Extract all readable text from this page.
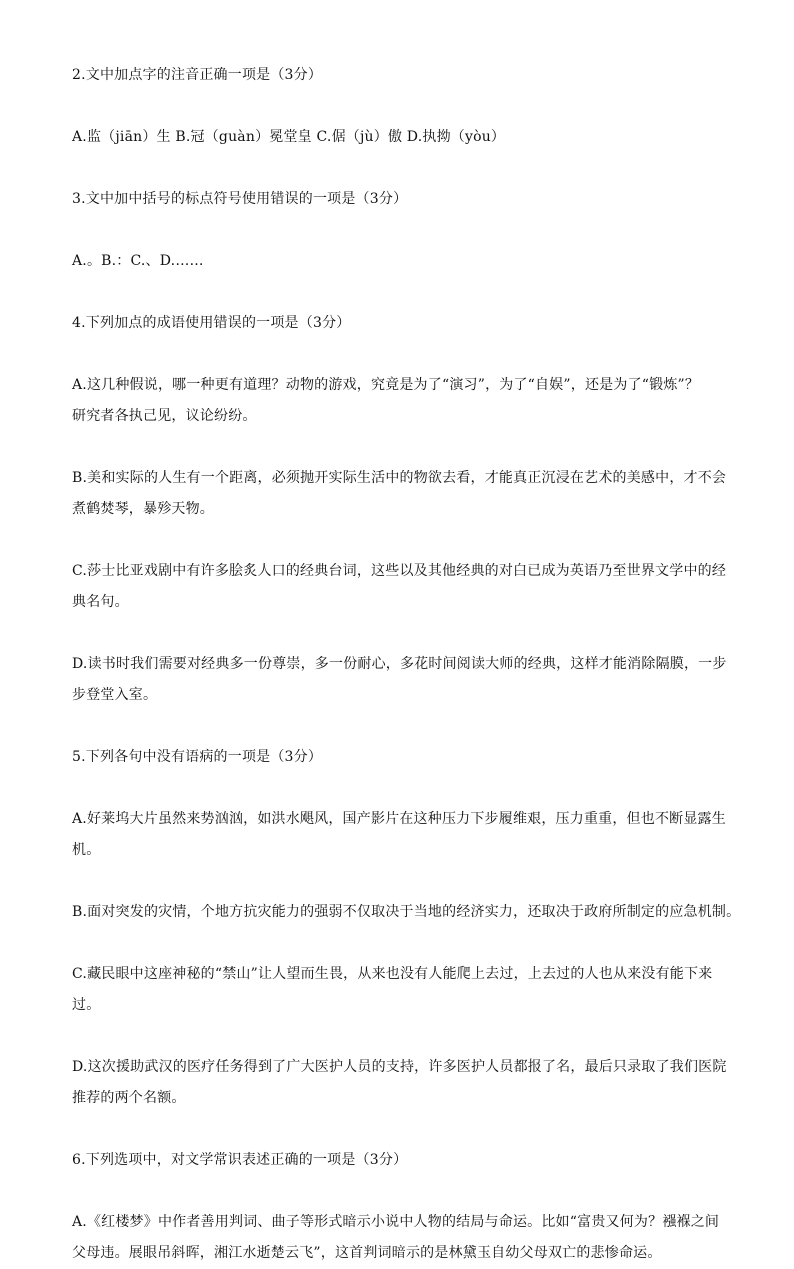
2.文中加点字的注音正确一项是（3分）
A.监（jiān）生 B.冠（guàn）冕堂皇 C.倨（jù）傲 D.执拗（yòu）
3.文中加中括号的标点符号使用错误的一项是（3分）
A.。B.：C.、D.……
4.下列加点的成语使用错误的一项是（3分）
A.这几种假说，哪一种更有道理？动物的游戏，究竟是为了“演习”，为了“自娱”，还是为了“锻炼”？
研究者各执己见，议论纷纷。
B.美和实际的人生有一个距离，必须抛开实际生活中的物欲去看，才能真正沉浸在艺术的美感中，才不会
煮鹤焚琴，暴殄天物。
C.莎士比亚戏剧中有许多脍炙人口的经典台词，这些以及其他经典的对白已成为英语乃至世界文学中的经
典名句。
D.读书时我们需要对经典多一份尊崇，多一份耐心，多花时间阅读大师的经典，这样才能消除隔膜，一步
步登堂入室。
5.下列各句中没有语病的一项是（3分）
A.好莱坞大片虽然来势汹汹，如洪水飓风，国产影片在这种压力下步履维艰，压力重重，但也不断显露生
机。
B.面对突发的灾情，个地方抗灾能力的强弱不仅取决于当地的经济实力，还取决于政府所制定的应急机制。
C.藏民眼中这座神秘的“禁山”让人望而生畏，从来也没有人能爬上去过，上去过的人也从来没有能下来
过。
D.这次援助武汉的医疗任务得到了广大医护人员的支持，许多医护人员都报了名，最后只录取了我们医院
推荐的两个名额。
6.下列选项中，对文学常识表述正确的一项是（3分）
A.《红楼梦》中作者善用判词、曲子等形式暗示小说中人物的结局与命运。比如“富贵又何为？襁褓之间
父母违。展眼吊斜晖，湘江水逝楚云飞”，这首判词暗示的是林黛玉自幼父母双亡的悲惨命运。
